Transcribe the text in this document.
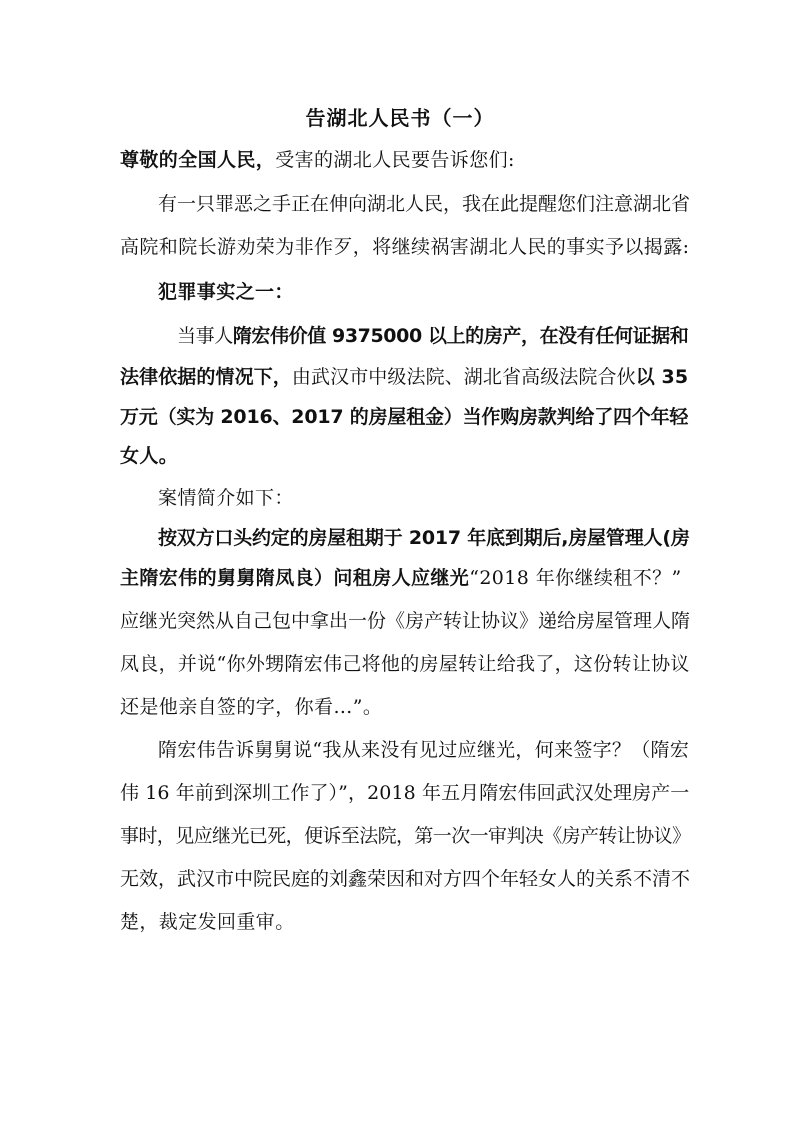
告湖北人民书（一）
尊敬的全国人民，受害的湖北人民要告诉您们:
有一只罪恶之手正在伸向湖北人民，我在此提醒您们注意湖北省
高院和院长游劝荣为非作歹，将继续祸害湖北人民的事实予以揭露:
犯罪事实之一：
当事人隋宏伟价值 9375000 以上的房产，在没有任何证据和
法律依据的情况下，由武汉市中级法院、湖北省高级法院合伙以 35
万元（实为 2016、2017 的房屋租金）当作购房款判给了四个年轻
女人。
案情简介如下：
按双方口头约定的房屋租期于 2017 年底到期后,房屋管理人(房
主隋宏伟的舅舅隋凤良）问租房人应继光“2018 年你继续租不？”
应继光突然从自己包中拿出一份《房产转让协议》递给房屋管理人隋
凤良，并说“你外甥隋宏伟己将他的房屋转让给我了，这份转让协议
还是他亲自签的字，你看…”。
隋宏伟告诉舅舅说“我从来没有见过应继光，何来签字？（隋宏
伟 16 年前到深圳工作了）”，2018 年五月隋宏伟回武汉处理房产一
事时，见应继光已死，便诉至法院，第一次一审判决《房产转让协议》
无效，武汉市中院民庭的刘鑫荣因和对方四个年轻女人的关系不清不
楚，裁定发回重审。
